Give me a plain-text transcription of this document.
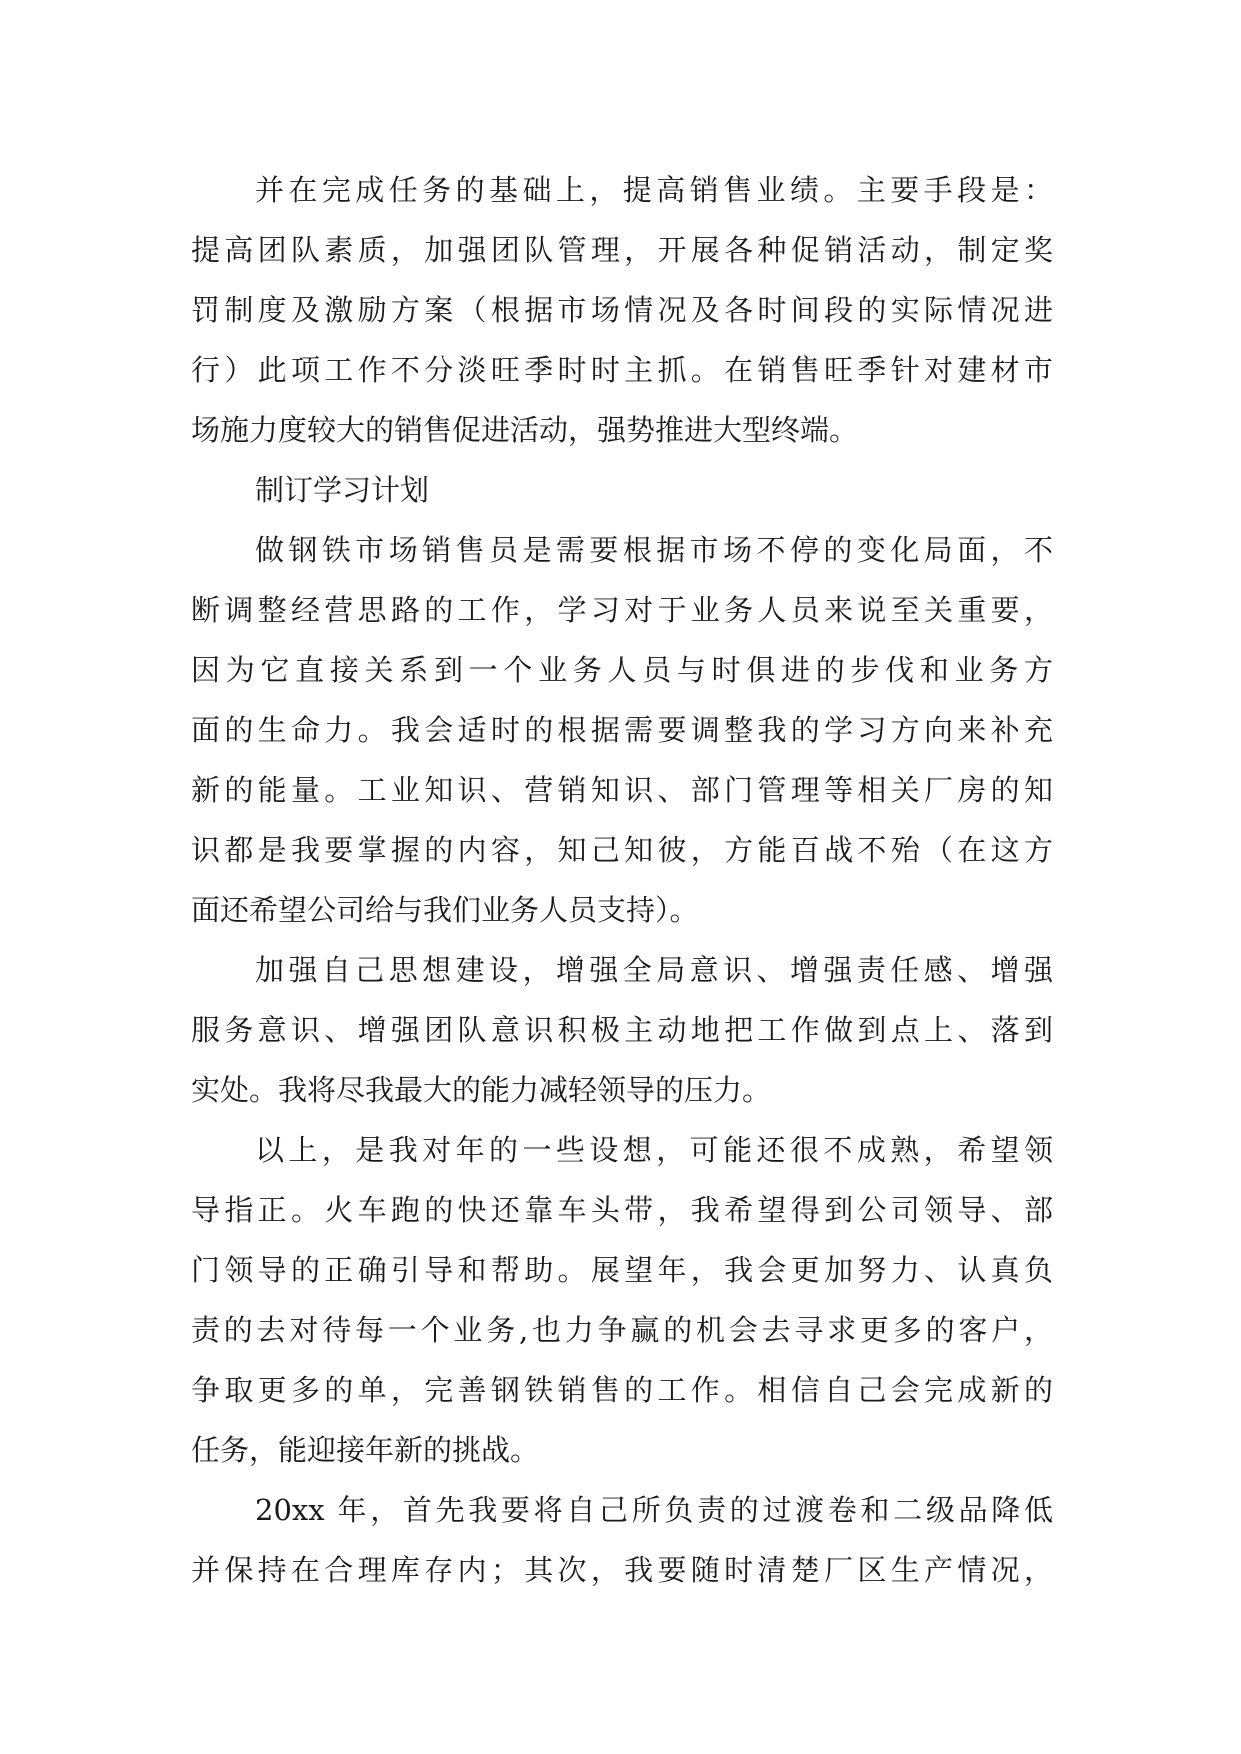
并在完成任务的基础上，提高销售业绩。主要手段是：
提高团队素质，加强团队管理，开展各种促销活动，制定奖
罚制度及激励方案（根据市场情况及各时间段的实际情况进
行）此项工作不分淡旺季时时主抓。在销售旺季针对建材市
场施力度较大的销售促进活动，强势推进大型终端。
制订学习计划
做钢铁市场销售员是需要根据市场不停的变化局面，不
断调整经营思路的工作，学习对于业务人员来说至关重要，
因为它直接关系到一个业务人员与时俱进的步伐和业务方
面的生命力。我会适时的根据需要调整我的学习方向来补充
新的能量。工业知识、营销知识、部门管理等相关厂房的知
识都是我要掌握的内容，知己知彼，方能百战不殆（在这方
面还希望公司给与我们业务人员支持）。
加强自己思想建设，增强全局意识、增强责任感、增强
服务意识、增强团队意识积极主动地把工作做到点上、落到
实处。我将尽我最大的能力减轻领导的压力。
以上，是我对年的一些设想，可能还很不成熟，希望领
导指正。火车跑的快还靠车头带，我希望得到公司领导、部
门领导的正确引导和帮助。展望年，我会更加努力、认真负
责的去对待每一个业务,也力争赢的机会去寻求更多的客户，
争取更多的单，完善钢铁销售的工作。相信自己会完成新的
任务，能迎接年新的挑战。
20xx 年，首先我要将自己所负责的过渡卷和二级品降低
并保持在合理库存内；其次，我要随时清楚厂区生产情况，
